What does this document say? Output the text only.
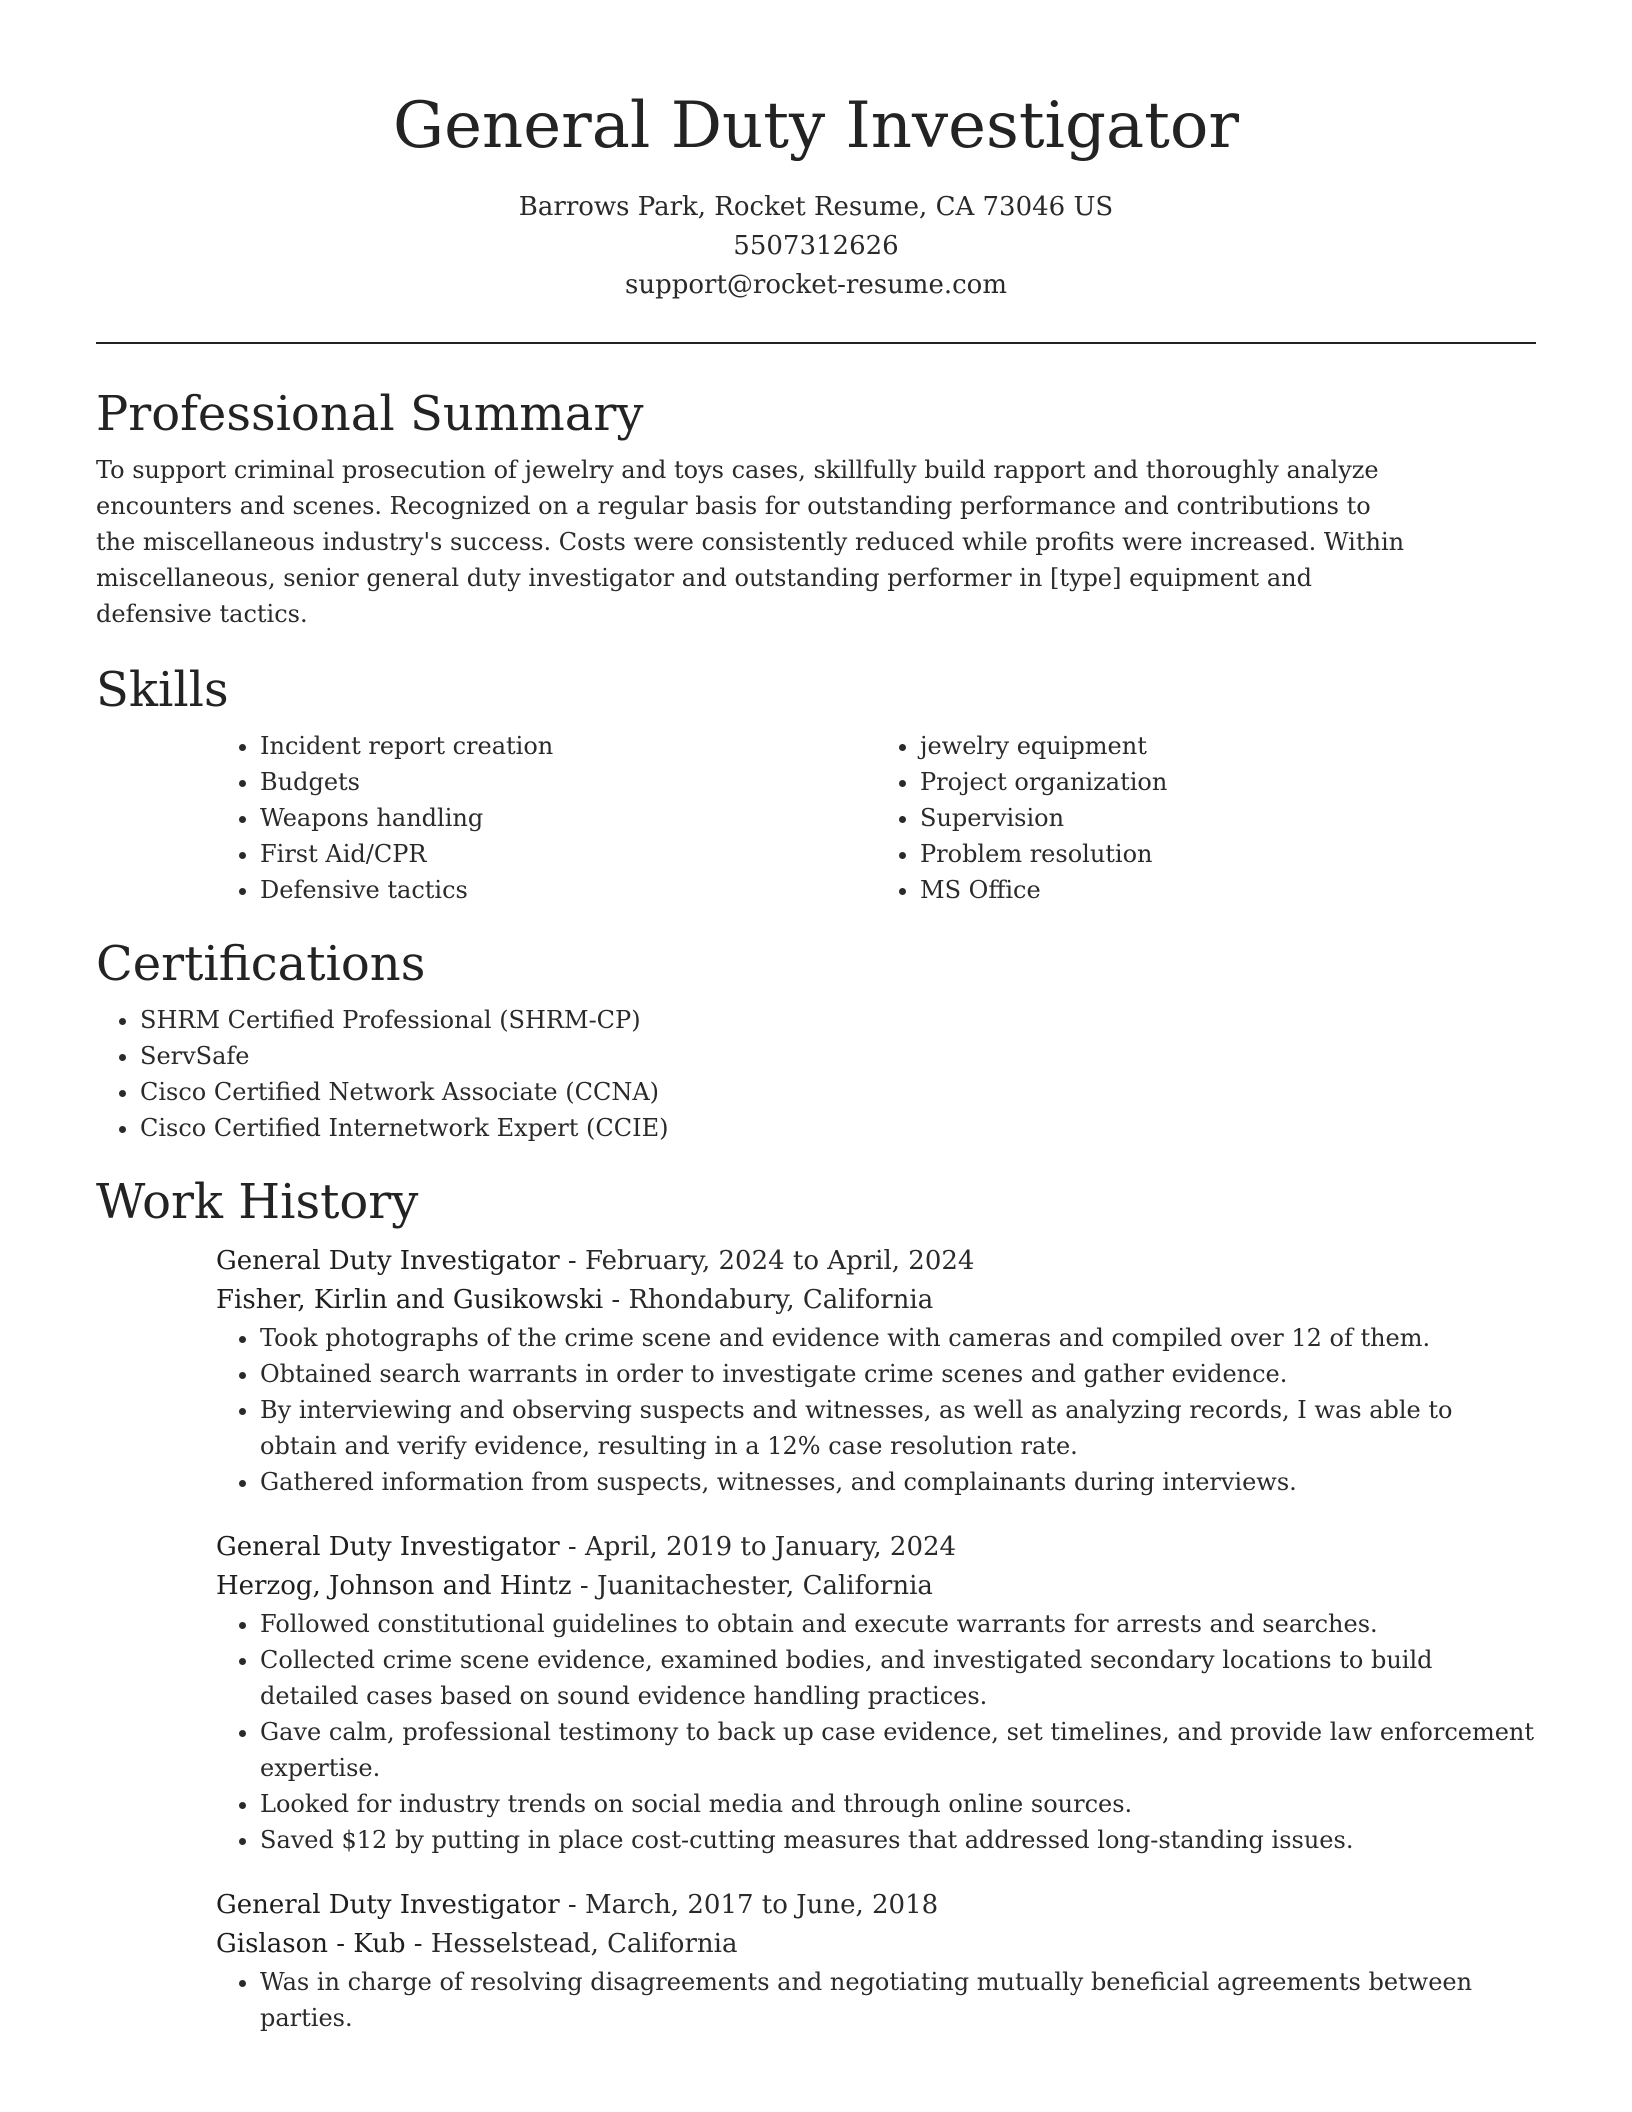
General Duty Investigator
Barrows Park, Rocket Resume, CA 73046 US
5507312626
support@rocket-resume.com
Professional Summary

To support criminal prosecution of jewelry and toys cases, skillfully build rapport and thoroughly analyze encounters and scenes. Recognized on a regular basis for outstanding performance and contributions to the miscellaneous industry's success. Costs were consistently reduced while profits were increased. Within miscellaneous, senior general duty investigator and outstanding performer in [type] equipment and defensive tactics.

Skills
• Incident report creation
• Budgets
• Weapons handling
• First Aid/CPR
• Defensive tactics
• jewelry equipment
• Project organization
• Supervision
• Problem resolution
• MS Office
Certifications
• SHRM Certified Professional (SHRM-CP)
• ServSafe
• Cisco Certified Network Associate (CCNA)
• Cisco Certified Internetwork Expert (CCIE)
Work History
General Duty Investigator - February, 2024 to April, 2024
Fisher, Kirlin and Gusikowski - Rhondabury, California
• Took photographs of the crime scene and evidence with cameras and compiled over 12 of them.
• Obtained search warrants in order to investigate crime scenes and gather evidence.
• By interviewing and observing suspects and witnesses, as well as analyzing records, I was able to obtain and verify evidence, resulting in a 12% case resolution rate.
• Gathered information from suspects, witnesses, and complainants during interviews.
General Duty Investigator - April, 2019 to January, 2024
Herzog, Johnson and Hintz - Juanitachester, California
• Followed constitutional guidelines to obtain and execute warrants for arrests and searches.
• Collected crime scene evidence, examined bodies, and investigated secondary locations to build detailed cases based on sound evidence handling practices.
• Gave calm, professional testimony to back up case evidence, set timelines, and provide law enforcement expertise.
• Looked for industry trends on social media and through online sources.
• Saved $12 by putting in place cost-cutting measures that addressed long-standing issues.
General Duty Investigator - March, 2017 to June, 2018
Gislason - Kub - Hesselstead, California
• Was in charge of resolving disagreements and negotiating mutually beneficial agreements between parties.
